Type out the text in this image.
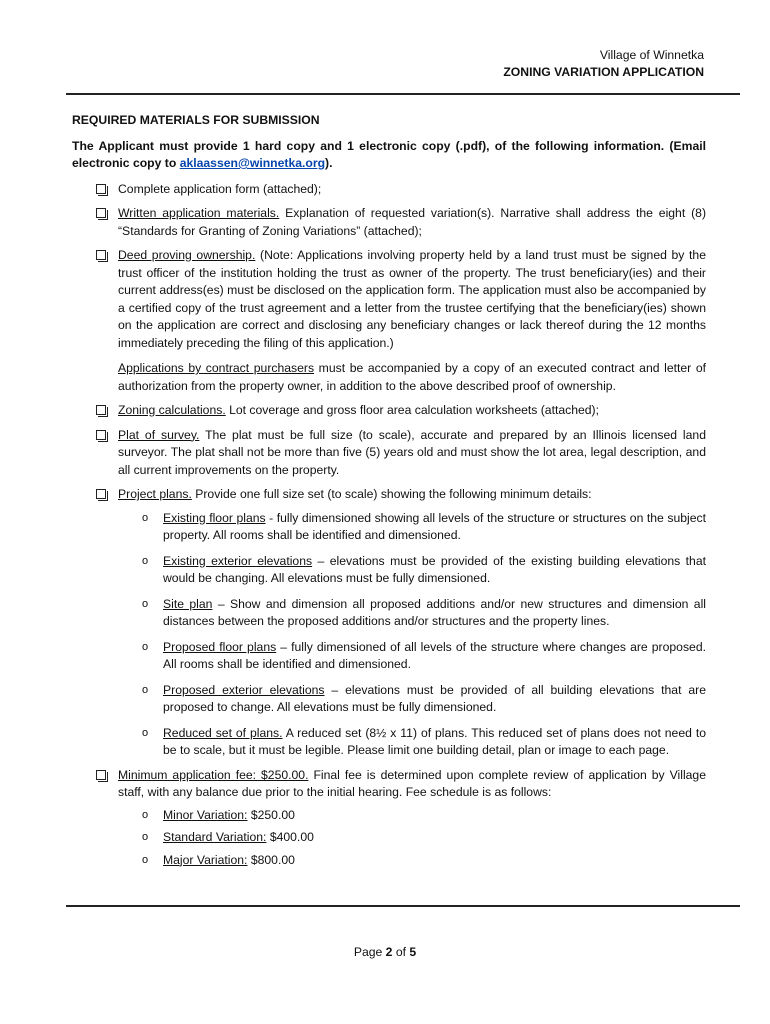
Village of Winnetka
ZONING VARIATION APPLICATION
REQUIRED MATERIALS FOR SUBMISSION
The Applicant must provide 1 hard copy and 1 electronic copy (.pdf), of the following information. (Email electronic copy to aklaassen@winnetka.org).
Complete application form (attached);
Written application materials. Explanation of requested variation(s). Narrative shall address the eight (8) “Standards for Granting of Zoning Variations” (attached);
Deed proving ownership. (Note: Applications involving property held by a land trust must be signed by the trust officer of the institution holding the trust as owner of the property. The trust beneficiary(ies) and their current address(es) must be disclosed on the application form. The application must also be accompanied by a certified copy of the trust agreement and a letter from the trustee certifying that the beneficiary(ies) shown on the application are correct and disclosing any beneficiary changes or lack thereof during the 12 months immediately preceding the filing of this application.)
Applications by contract purchasers must be accompanied by a copy of an executed contract and letter of authorization from the property owner, in addition to the above described proof of ownership.
Zoning calculations. Lot coverage and gross floor area calculation worksheets (attached);
Plat of survey. The plat must be full size (to scale), accurate and prepared by an Illinois licensed land surveyor. The plat shall not be more than five (5) years old and must show the lot area, legal description, and all current improvements on the property.
Project plans. Provide one full size set (to scale) showing the following minimum details:
o Existing floor plans - fully dimensioned showing all levels of the structure or structures on the subject property. All rooms shall be identified and dimensioned.
o Existing exterior elevations – elevations must be provided of the existing building elevations that would be changing. All elevations must be fully dimensioned.
o Site plan – Show and dimension all proposed additions and/or new structures and dimension all distances between the proposed additions and/or structures and the property lines.
o Proposed floor plans – fully dimensioned of all levels of the structure where changes are proposed. All rooms shall be identified and dimensioned.
o Proposed exterior elevations – elevations must be provided of all building elevations that are proposed to change. All elevations must be fully dimensioned.
o Reduced set of plans. A reduced set (8½ x 11) of plans. This reduced set of plans does not need to be to scale, but it must be legible. Please limit one building detail, plan or image to each page.
Minimum application fee: $250.00. Final fee is determined upon complete review of application by Village staff, with any balance due prior to the initial hearing. Fee schedule is as follows:
o Minor Variation: $250.00
o Standard Variation: $400.00
o Major Variation: $800.00
Page 2 of 5
